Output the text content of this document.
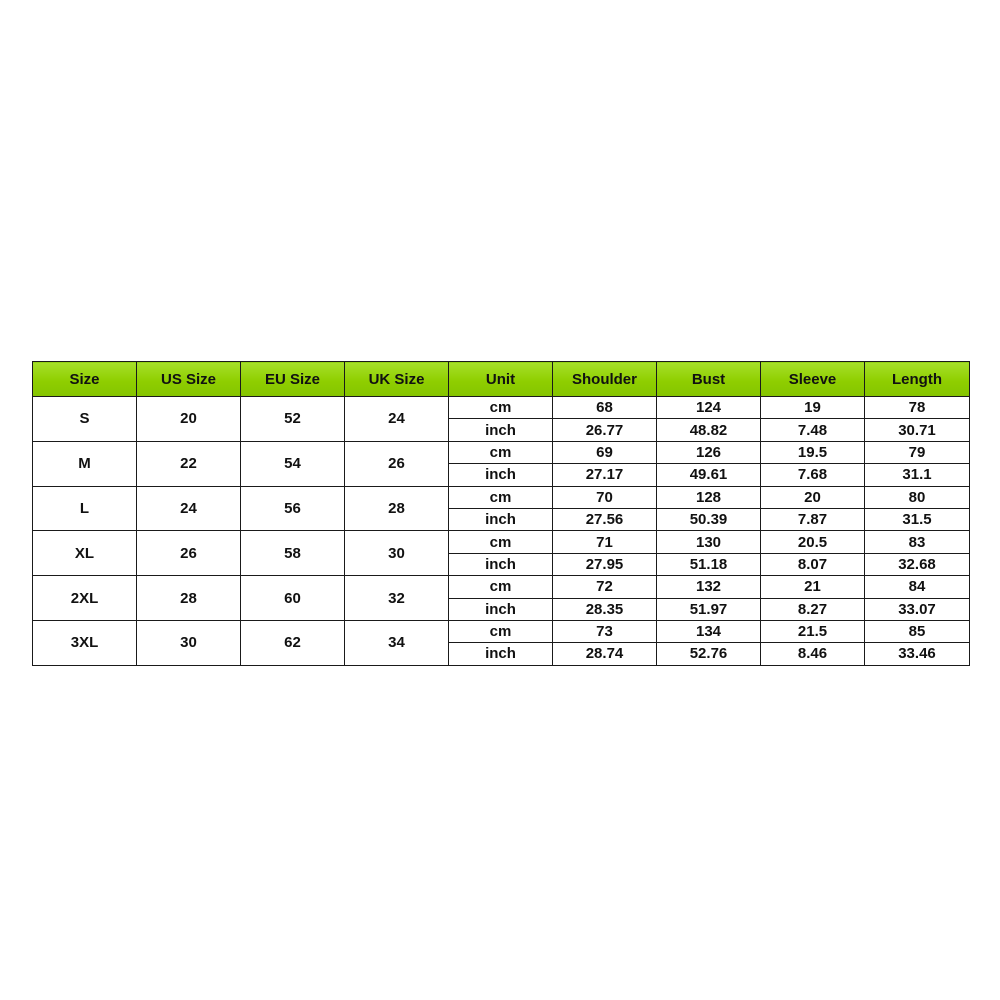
Size	US Size	EU Size	UK Size	Unit	Shoulder	Bust	Sleeve	Length
S	20	52	24	cm	68	124	19	78
				inch	26.77	48.82	7.48	30.71
M	22	54	26	cm	69	126	19.5	79
				inch	27.17	49.61	7.68	31.1
L	24	56	28	cm	70	128	20	80
				inch	27.56	50.39	7.87	31.5
XL	26	58	30	cm	71	130	20.5	83
				inch	27.95	51.18	8.07	32.68
2XL	28	60	32	cm	72	132	21	84
				inch	28.35	51.97	8.27	33.07
3XL	30	62	34	cm	73	134	21.5	85
				inch	28.74	52.76	8.46	33.46
